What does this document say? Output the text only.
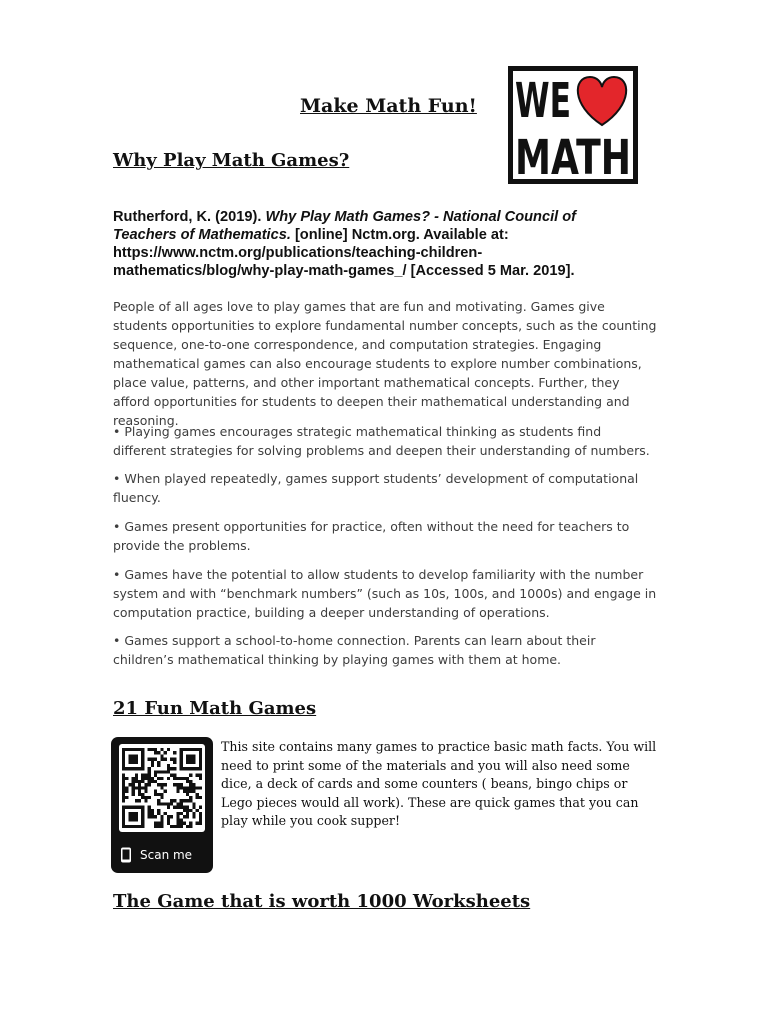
Make Math Fun!
Why Play Math Games?
WE
MATH
Rutherford, K. (2019). Why Play Math Games? - National Council of Teachers of Mathematics. [online] Nctm.org. Available at: https://www.nctm.org/publications/teaching-children-mathematics/blog/why-play-math-games_/ [Accessed 5 Mar. 2019].
People of all ages love to play games that are fun and motivating. Games give students opportunities to explore fundamental number concepts, such as the counting sequence, one-to-one correspondence, and computation strategies. Engaging mathematical games can also encourage students to explore number combinations, place value, patterns, and other important mathematical concepts. Further, they afford opportunities for students to deepen their mathematical understanding and reasoning.
• Playing games encourages strategic mathematical thinking as students find different strategies for solving problems and deepen their understanding of numbers.
• When played repeatedly, games support students’ development of computational fluency.
• Games present opportunities for practice, often without the need for teachers to provide the problems.
• Games have the potential to allow students to develop familiarity with the number system and with “benchmark numbers” (such as 10s, 100s, and 1000s) and engage in computation practice, building a deeper understanding of operations.
• Games support a school-to-home connection. Parents can learn about their children’s mathematical thinking by playing games with them at home.
21 Fun Math Games
Scan me
This site contains many games to practice basic math facts. You will need to print some of the materials and you will also need some dice, a deck of cards and some counters ( beans, bingo chips or Lego pieces would all work). These are quick games that you can play while you cook supper!
The Game that is worth 1000 Worksheets
